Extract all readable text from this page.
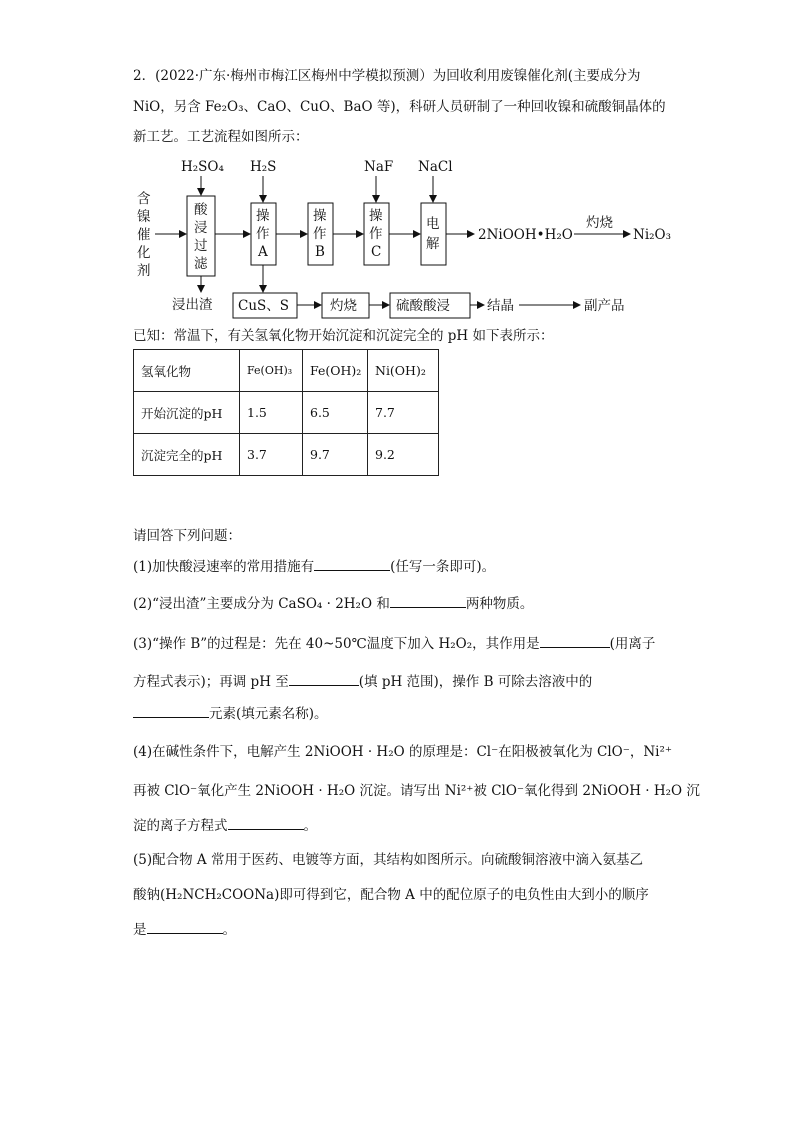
2．(2022·广东·梅州市梅江区梅州中学模拟预测）为回收利用废镍催化剂(主要成分为
NiO，另含 Fe₂O₃、CaO、CuO、BaO 等)，科研人员研制了一种回收镍和硫酸铜晶体的
新工艺。工艺流程如图所示：
含
镍
催
化
剂
H₂SO₄ H₂S	NaF NaCl
酸
浸
过
滤
操
作
A
操
作
B
操
作
C
电
解
2NiOOH•H₂O
灼烧
Ni₂O₃
浸出渣 CuS、S	灼烧	硫酸酸浸	结晶	副产品
已知：常温下，有关氢氧化物开始沉淀和沉淀完全的 pH 如下表所示：
氢氧化物	Fe(OH)₃	Fe(OH)₂	Ni(OH)₂
开始沉淀的pH	1.5	6.5	7.7
沉淀完全的pH	3.7	9.7	9.2
请回答下列问题：
(1)加快酸浸速率的常用措施有	(任写一条即可)。
(2)“浸出渣”主要成分为 CaSO₄ · 2H₂O 和	两种物质。
(3)“操作 B”的过程是：先在 40~50℃温度下加入 H₂O₂，其作用是	(用离子
方程式表示)；再调 pH 至	(填 pH 范围)，操作 B 可除去溶液中的
元素(填元素名称)。
(4)在碱性条件下，电解产生 2NiOOH · H₂O 的原理是：Cl⁻在阳极被氧化为 ClO⁻，Ni²⁺
再被 ClO⁻氧化产生 2NiOOH · H₂O 沉淀。请写出 Ni²⁺被 ClO⁻氧化得到 2NiOOH · H₂O 沉
淀的离子方程式	。
(5)配合物 A 常用于医药、电镀等方面，其结构如图所示。向硫酸铜溶液中滴入氨基乙
酸钠(H₂NCH₂COONa)即可得到它，配合物 A 中的配位原子的电负性由大到小的顺序
是	。
